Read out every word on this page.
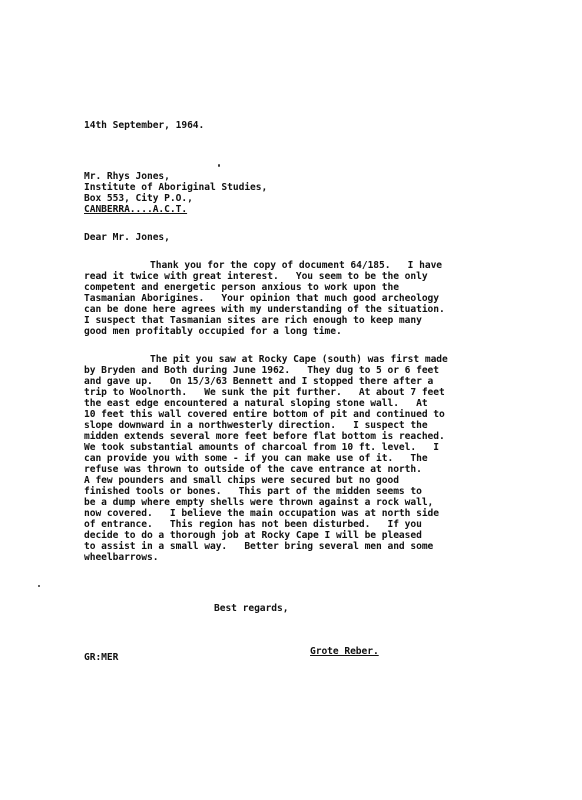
14th September, 1964.
Mr. Rhys Jones,
Institute of Aboriginal Studies,
Box 553, City P.O.,
CANBERRA....A.C.T.
Dear Mr. Jones,
Thank you for the copy of document 64/185.   I have
read it twice with great interest.   You seem to be the only
competent and energetic person anxious to work upon the
Tasmanian Aborigines.   Your opinion that much good archeology
can be done here agrees with my understanding of the situation.
I suspect that Tasmanian sites are rich enough to keep many
good men profitably occupied for a long time.
The pit you saw at Rocky Cape (south) was first made
by Bryden and Both during June 1962.   They dug to 5 or 6 feet
and gave up.   On 15/3/63 Bennett and I stopped there after a
trip to Woolnorth.   We sunk the pit further.   At about 7 feet
the east edge encountered a natural sloping stone wall.   At
10 feet this wall covered entire bottom of pit and continued to
slope downward in a northwesterly direction.   I suspect the
midden extends several more feet before flat bottom is reached.
We took substantial amounts of charcoal from 10 ft. level.   I
can provide you with some - if you can make use of it.   The
refuse was thrown to outside of the cave entrance at north.
A few pounders and small chips were secured but no good
finished tools or bones.   This part of the midden seems to
be a dump where empty shells were thrown against a rock wall,
now covered.   I believe the main occupation was at north side
of entrance.   This region has not been disturbed.   If you
decide to do a thorough job at Rocky Cape I will be pleased
to assist in a small way.   Better bring several men and some
wheelbarrows.
Best regards,
Grote Reber.
GR:MER
